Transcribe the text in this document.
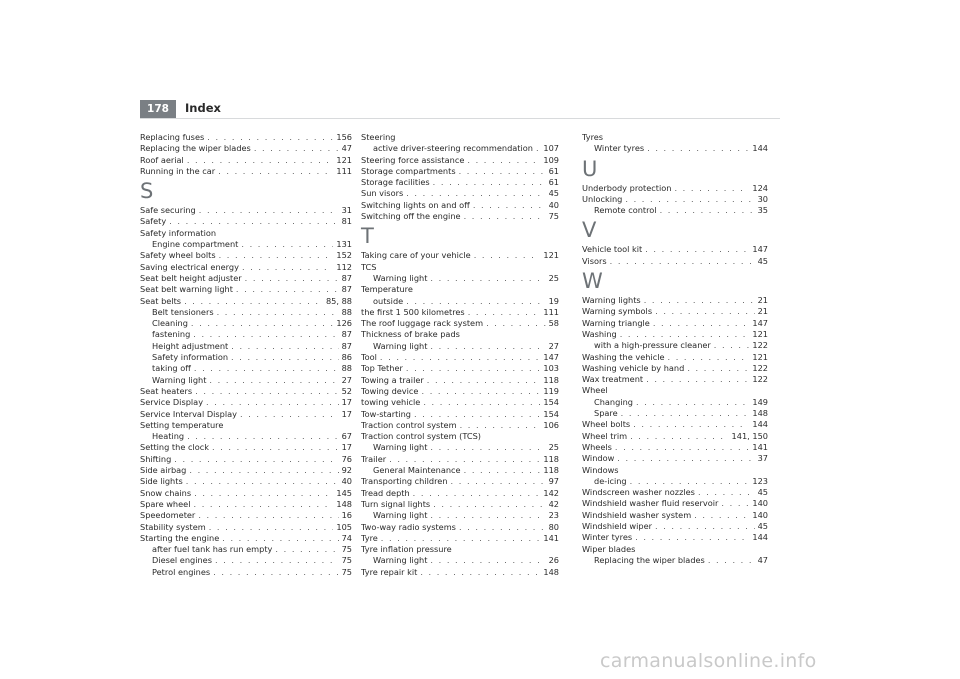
178	Index
Replacing fuses . . .	156
Replacing the wiper blades . . .	47
Roof aerial . . .	121
Running in the car . . .	111
S
Safe securing . . .	31
Safety . . .	81
Safety information
Engine compartment . . .	131
Safety wheel bolts . . .	152
Saving electrical energy . . .	112
Seat belt height adjuster . . .	87
Seat belt warning light . . .	87
Seat belts . . .	85, 88
Belt tensioners . . .	88
Cleaning . . .	126
fastening . . .	87
Height adjustment . . .	87
Safety information . . .	86
taking off . . .	88
Warning light . . .	27
Seat heaters . . .	52
Service Display . . .	17
Service Interval Display . . .	17
Setting temperature
Heating . . .	67
Setting the clock . . .	17
Shifting . . .	76
Side airbag . . .	92
Side lights . . .	40
Snow chains . . .	145
Spare wheel . . .	148
Speedometer . . .	16
Stability system . . .	105
Starting the engine . . .	74
after fuel tank has run empty . . .	75
Diesel engines . . .	75
Petrol engines . . .	75
Steering
active driver-steering recommendation . . . 107
Steering force assistance . . .	109
Storage compartments . . .	61
Storage facilities . . .	61
Sun visors . . .	45
Switching lights on and off . . .	40
Switching off the engine . . .	75
T
Taking care of your vehicle . . .	121
TCS
Warning light . . .	25
Temperature
outside . . .	19
the first 1 500 kilometres . . .	111
The roof luggage rack system . . .	58
Thickness of brake pads
Warning light . . .	27
Tool . . .	147
Top Tether . . .	103
Towing a trailer . . .	118
Towing device . . .	119
towing vehicle . . .	154
Tow-starting . . .	154
Traction control system . . .	106
Traction control system (TCS)
Warning light . . .	25
Trailer . . .	118
General Maintenance . . .	118
Transporting children . . .	97
Tread depth . . .	142
Turn signal lights . . .	42
Warning light . . .	23
Two-way radio systems . . .	80
Tyre . . .	141
Tyre inflation pressure
Warning light . . .	26
Tyre repair kit . . .	148
Tyres
Winter tyres . . .	144
U
Underbody protection . . .	124
Unlocking . . .	30
Remote control . . .	35
V
Vehicle tool kit . . .	147
Visors . . .	45
W
Warning lights . . .	21
Warning symbols . . .	21
Warning triangle . . .	147
Washing . . .	121
with a high-pressure cleaner . . .	122
Washing the vehicle . . .	121
Washing vehicle by hand . . .	122
Wax treatment . . .	122
Wheel
Changing . . .	149
Spare . . .	148
Wheel bolts . . .	144
Wheel trim . . .	141, 150
Wheels . . .	141
Window . . .	37
Windows
de-icing . . .	123
Windscreen washer nozzles . . .	45
Windshield washer fluid reservoir . . .	140
Windshield washer system . . .	140
Windshield wiper . . .	45
Winter tyres . . .	144
Wiper blades
Replacing the wiper blades . . .	47
carmanualsonline.info
